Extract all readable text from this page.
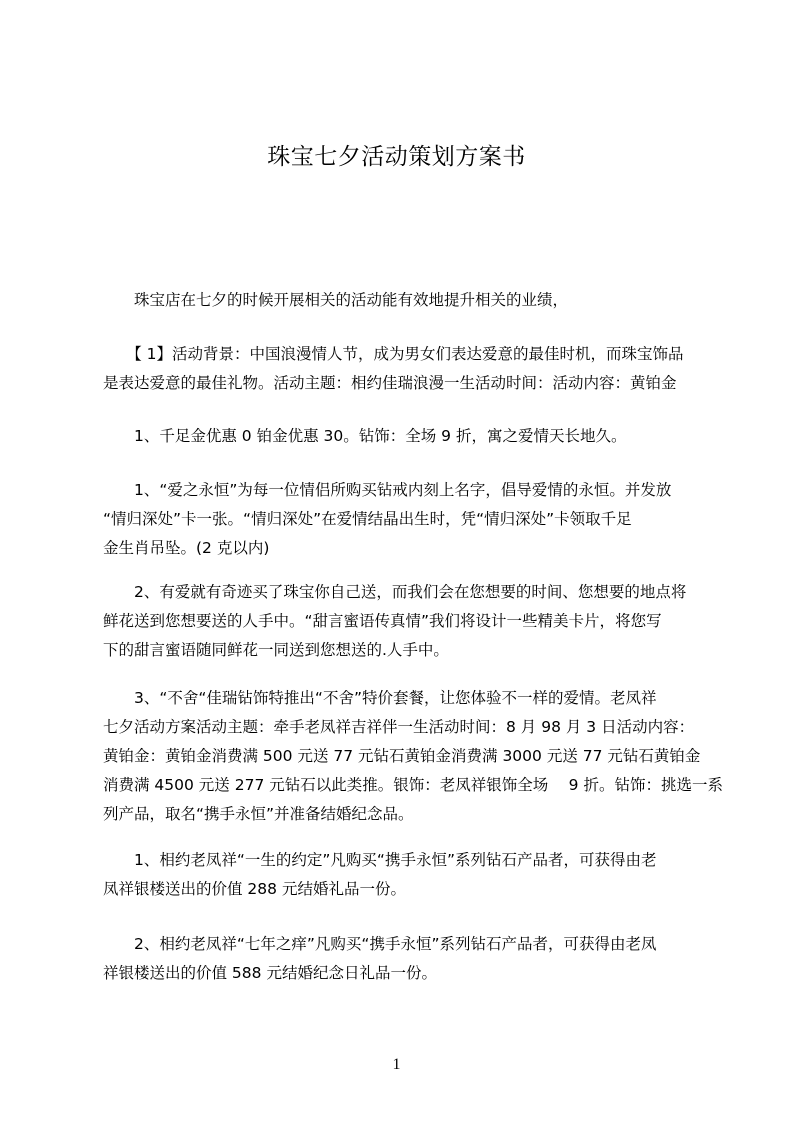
珠宝七夕活动策划方案书
　　珠宝店在七夕的时候开展相关的活动能有效地提升相关的业绩，
　　【 1】活动背景：中国浪漫情人节，成为男女们表达爱意的最佳时机，而珠宝饰品
是表达爱意的最佳礼物。活动主题：相约佳瑞浪漫一生活动时间：活动内容：黄铂金
　　1、千足金优惠 0 铂金优惠 30。钻饰：全场 9 折，寓之爱情天长地久。
　　1、“爱之永恒”为每一位情侣所购买钻戒内刻上名字，倡导爱情的永恒。并发放
“情归深处”卡一张。“情归深处”在爱情结晶出生时，凭“情归深处”卡领取千足
金生肖吊坠。(2 克以内)
　　2、有爱就有奇迹买了珠宝你自己送，而我们会在您想要的时间、您想要的地点将
鲜花送到您想要送的人手中。“甜言蜜语传真情”我们将设计一些精美卡片，将您写
下的甜言蜜语随同鲜花一同送到您想送的.人手中。
　　3、“不舍“佳瑞钻饰特推出“不舍”特价套餐，让您体验不一样的爱情。老凤祥
七夕活动方案活动主题：牵手老凤祥吉祥伴一生活动时间：8 月 98 月 3 日活动内容：
黄铂金：黄铂金消费满 500 元送 77 元钻石黄铂金消费满 3000 元送 77 元钻石黄铂金
消费满 4500 元送 277 元钻石以此类推。银饰：老凤祥银饰全场　 9 折。钻饰：挑选一系
列产品，取名“携手永恒”并准备结婚纪念品。
　　1、相约老凤祥“一生的约定”凡购买“携手永恒”系列钻石产品者，可获得由老
凤祥银楼送出的价值 288 元结婚礼品一份。
　　2、相约老凤祥“七年之痒”凡购买“携手永恒”系列钻石产品者，可获得由老凤
祥银楼送出的价值 588 元结婚纪念日礼品一份。
1
